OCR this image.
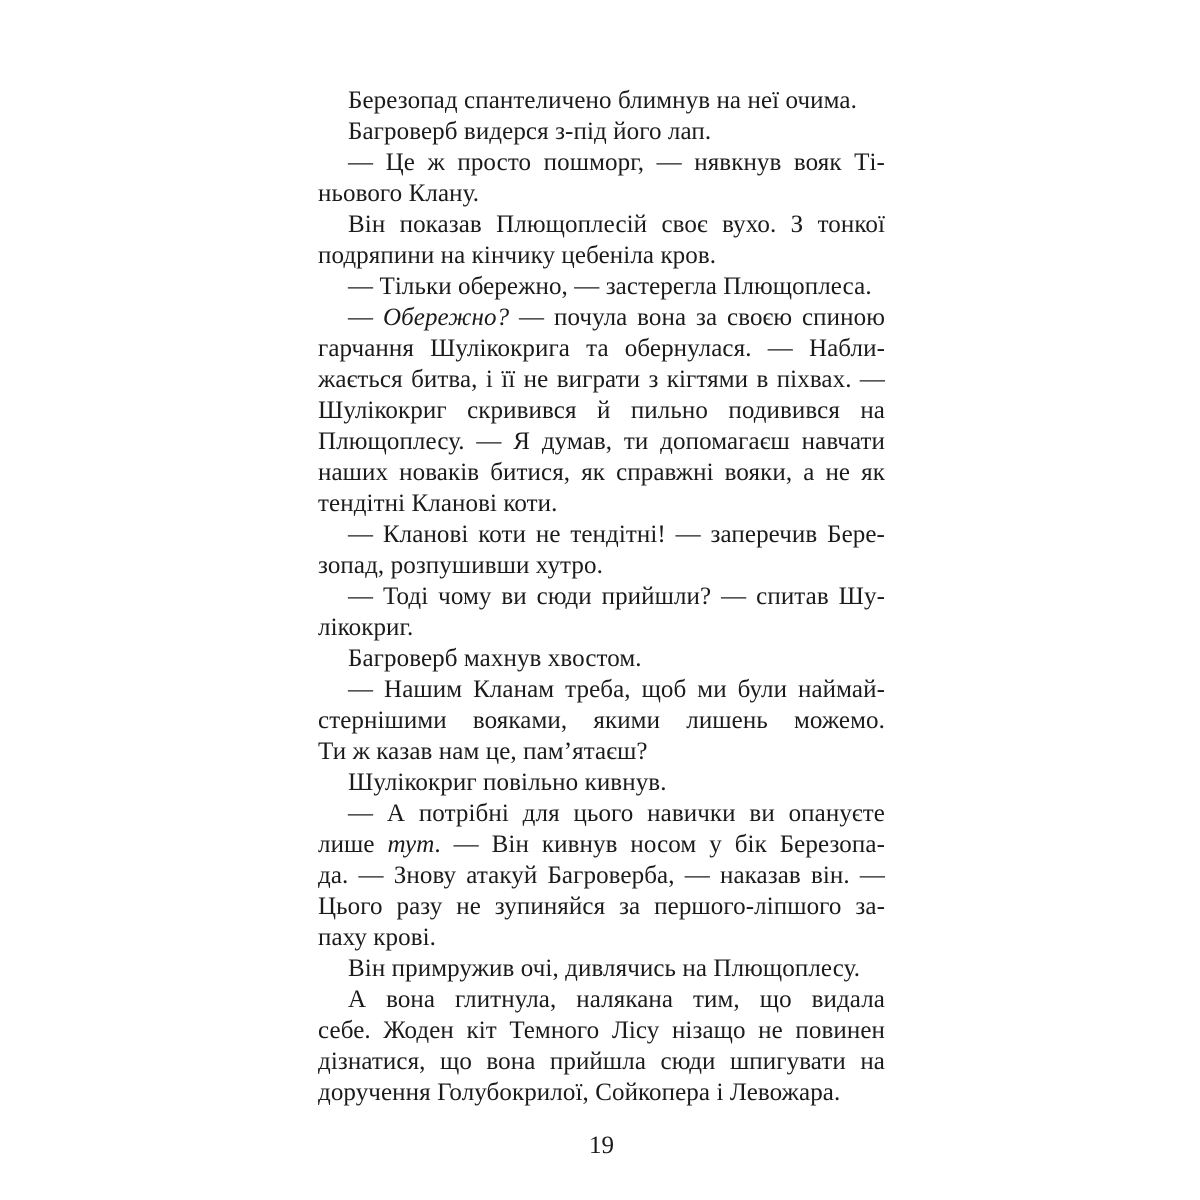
Березопад спантеличено блимнув на неї очима.
Багроверб видерся з-під його лап.
— Це ж просто пошморг, — нявкнув вояк Ті-
ньового Клану.
Він показав Плющоплесій своє вухо. З тонкої
подряпини на кінчику цебеніла кров.
— Тільки обережно, — застерегла Плющоплеса.
— Обережно? — почула вона за своєю спиною
гарчання Шулікокрига та обернулася. — Набли-
жається битва, і її не виграти з кігтями в піхвах. —
Шулікокриг скривився й пильно подивився на
Плющоплесу. — Я думав, ти допомагаєш навчати
наших новаків битися, як справжні вояки, а не як
тендітні Кланові коти.
— Кланові коти не тендітні! — заперечив Бере-
зопад, розпушивши хутро.
— Тоді чому ви сюди прийшли? — спитав Шу-
лікокриг.
Багроверб махнув хвостом.
— Нашим Кланам треба, щоб ми були наймай-
стернішими вояками, якими лишень можемо.
Ти ж казав нам це, пам’ятаєш?
Шулікокриг повільно кивнув.
— А потрібні для цього навички ви опануєте
лише тут. — Він кивнув носом у бік Березопа-
да. — Знову атакуй Багроверба, — наказав він. —
Цього разу не зупиняйся за першого-ліпшого за-
паху крові.
Він примружив очі, дивлячись на Плющоплесу.
А вона глитнула, налякана тим, що видала
себе. Жоден кіт Темного Лісу нізащо не повинен
дізнатися, що вона прийшла сюди шпигувати на
доручення Голубокрилої, Сойкопера і Левожара.
19
